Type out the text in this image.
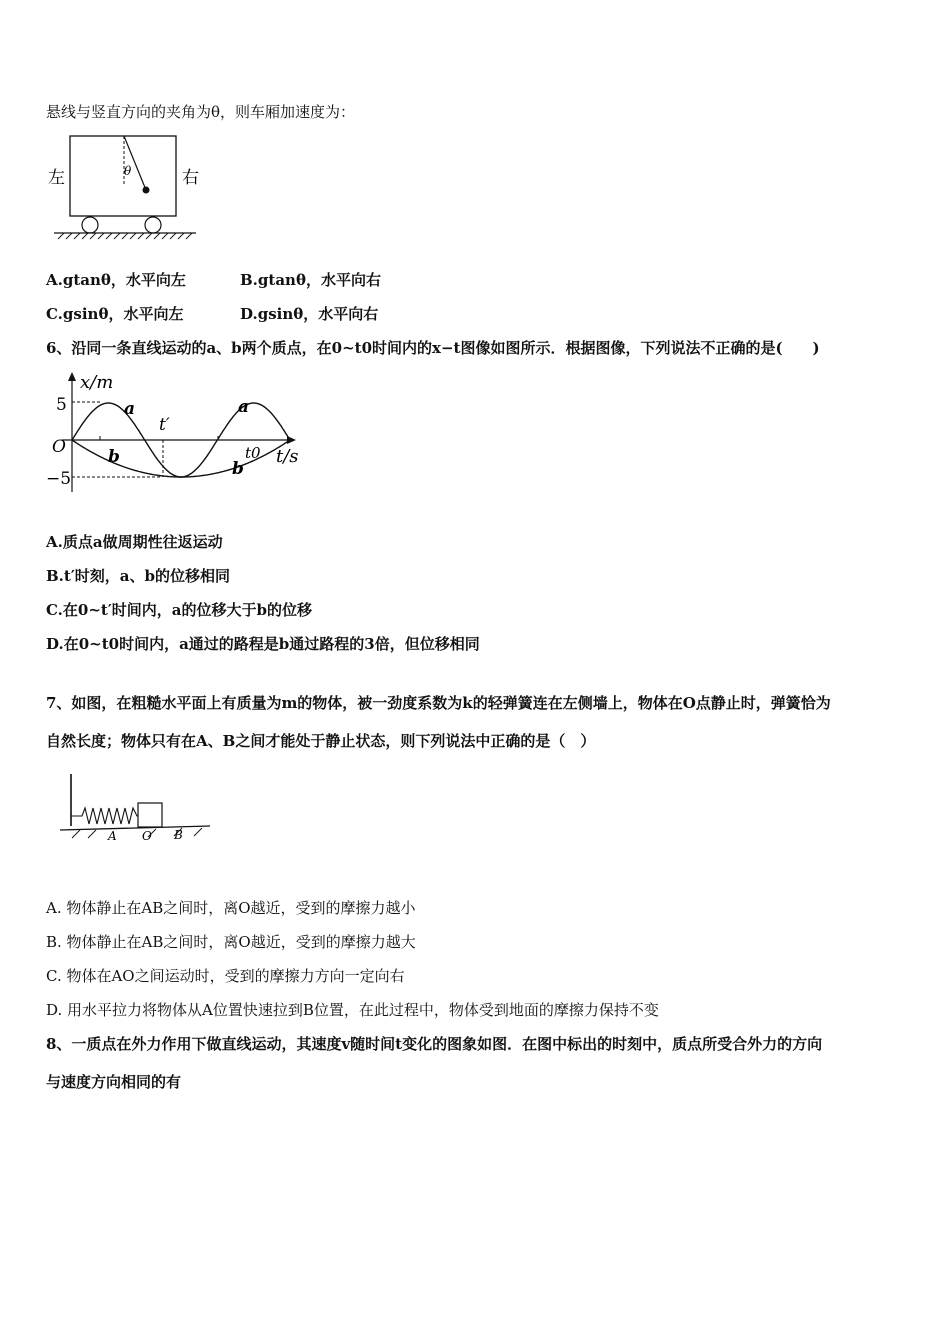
悬线与竖直方向的夹角为θ，则车厢加速度为：
θ
左	右
A.gtanθ，水平向左	B.gtanθ，水平向右
C.gsinθ，水平向左	D.gsinθ，水平向右
6、沿同一条直线运动的a、b两个质点，在0~t0时间内的x−t图像如图所示．根据图像，下列说法不正确的是(　　)
x/m
t/s
5
O
−5
t′
t0
a	a
b
b
A.质点a做周期性往返运动
B.t′时刻，a、b的位移相同
C.在0~t′时间内，a的位移大于b的位移
D.在0~t0时间内，a通过的路程是b通过路程的3倍，但位移相同
7、如图，在粗糙水平面上有质量为m的物体，被一劲度系数为k的轻弹簧连在左侧墙上，物体在O点静止时，弹簧恰为
自然长度；物体只有在A、B之间才能处于静止状态，则下列说法中正确的是（　）
A O B
A. 物体静止在AB之间时，离O越近，受到的摩擦力越小
B. 物体静止在AB之间时，离O越近，受到的摩擦力越大
C. 物体在AO之间运动时，受到的摩擦力方向一定向右
D. 用水平拉力将物体从A位置快速拉到B位置，在此过程中，物体受到地面的摩擦力保持不变
8、一质点在外力作用下做直线运动，其速度v随时间t变化的图象如图．在图中标出的时刻中，质点所受合外力的方向
与速度方向相同的有
